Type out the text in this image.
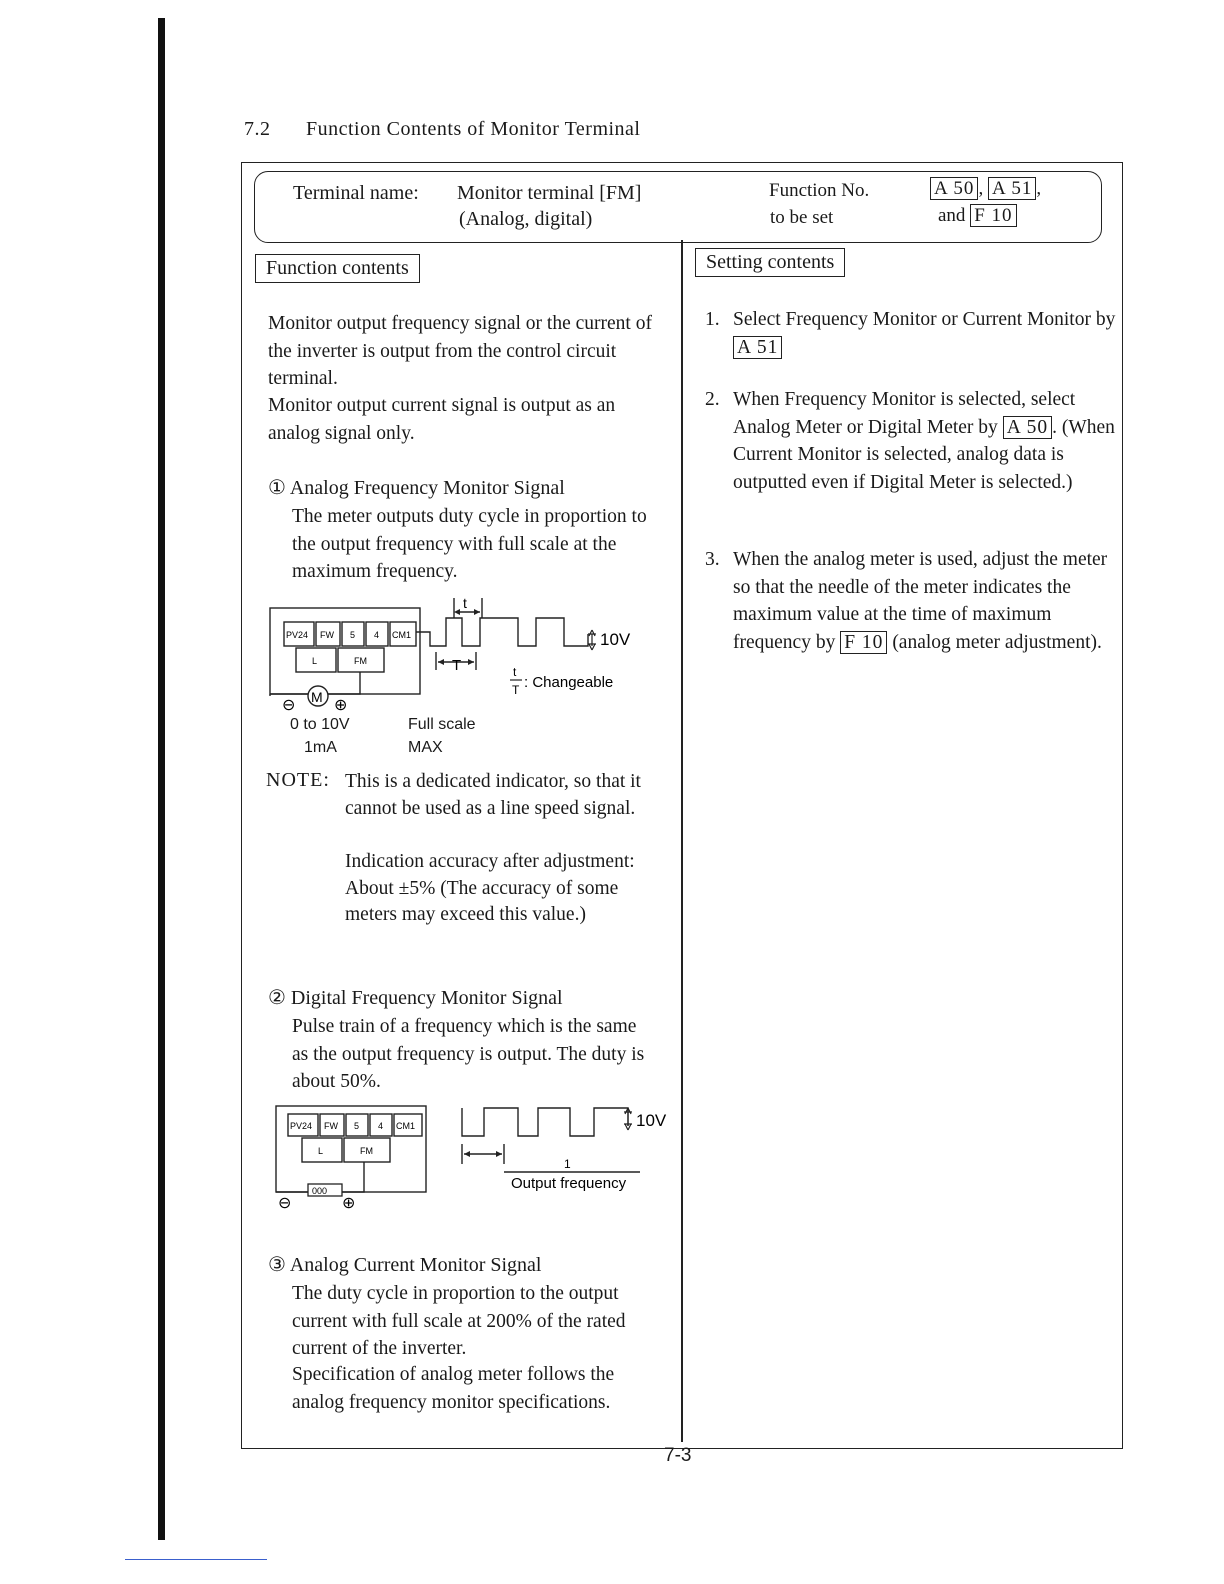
7.2 Function Contents of Monitor Terminal
Terminal name: Monitor terminal [FM]
(Analog, digital)
Function No.
to be set
A 50 , A 51 ,
and F 10
Function contents
Monitor output frequency signal or the current of the inverter is output from the control circuit terminal.
Monitor output current signal is output as an analog signal only.
① Analog Frequency Monitor Signal
The meter outputs duty cycle in proportion to the output frequency with full scale at the maximum frequency.
PV24 FW 5 4 CM1
L	FM
M
⊖ ⊕
t
T
10V
t
T : Changeable
0 to 10V
1mA
Full scale
MAX
NOTE: This is a dedicated indicator, so that it cannot be used as a line speed signal.
Indication accuracy after adjustment: About ±5% (The accuracy of some meters may exceed this value.)
② Digital Frequency Monitor Signal
Pulse train of a frequency which is the same as the output frequency is output. The duty is about 50%.
PV24 FW 5 4 CM1
L	FM
000
⊖	⊕
10V
1
Output frequency
③ Analog Current Monitor Signal
The duty cycle in proportion to the output current with full scale at 200% of the rated current of the inverter.
Specification of analog meter follows the analog frequency monitor specifications.
Setting contents
1. Select Frequency Monitor or Current Monitor by A 51
2. When Frequency Monitor is selected, select Analog Meter or Digital Meter by A 50 . (When Current Monitor is selected, analog data is outputted even if Digital Meter is selected.)
3. When the analog meter is used, adjust the meter so that the needle of the meter indicates the maximum value at the time of maximum frequency by F 10 (analog meter adjustment).
7-3
